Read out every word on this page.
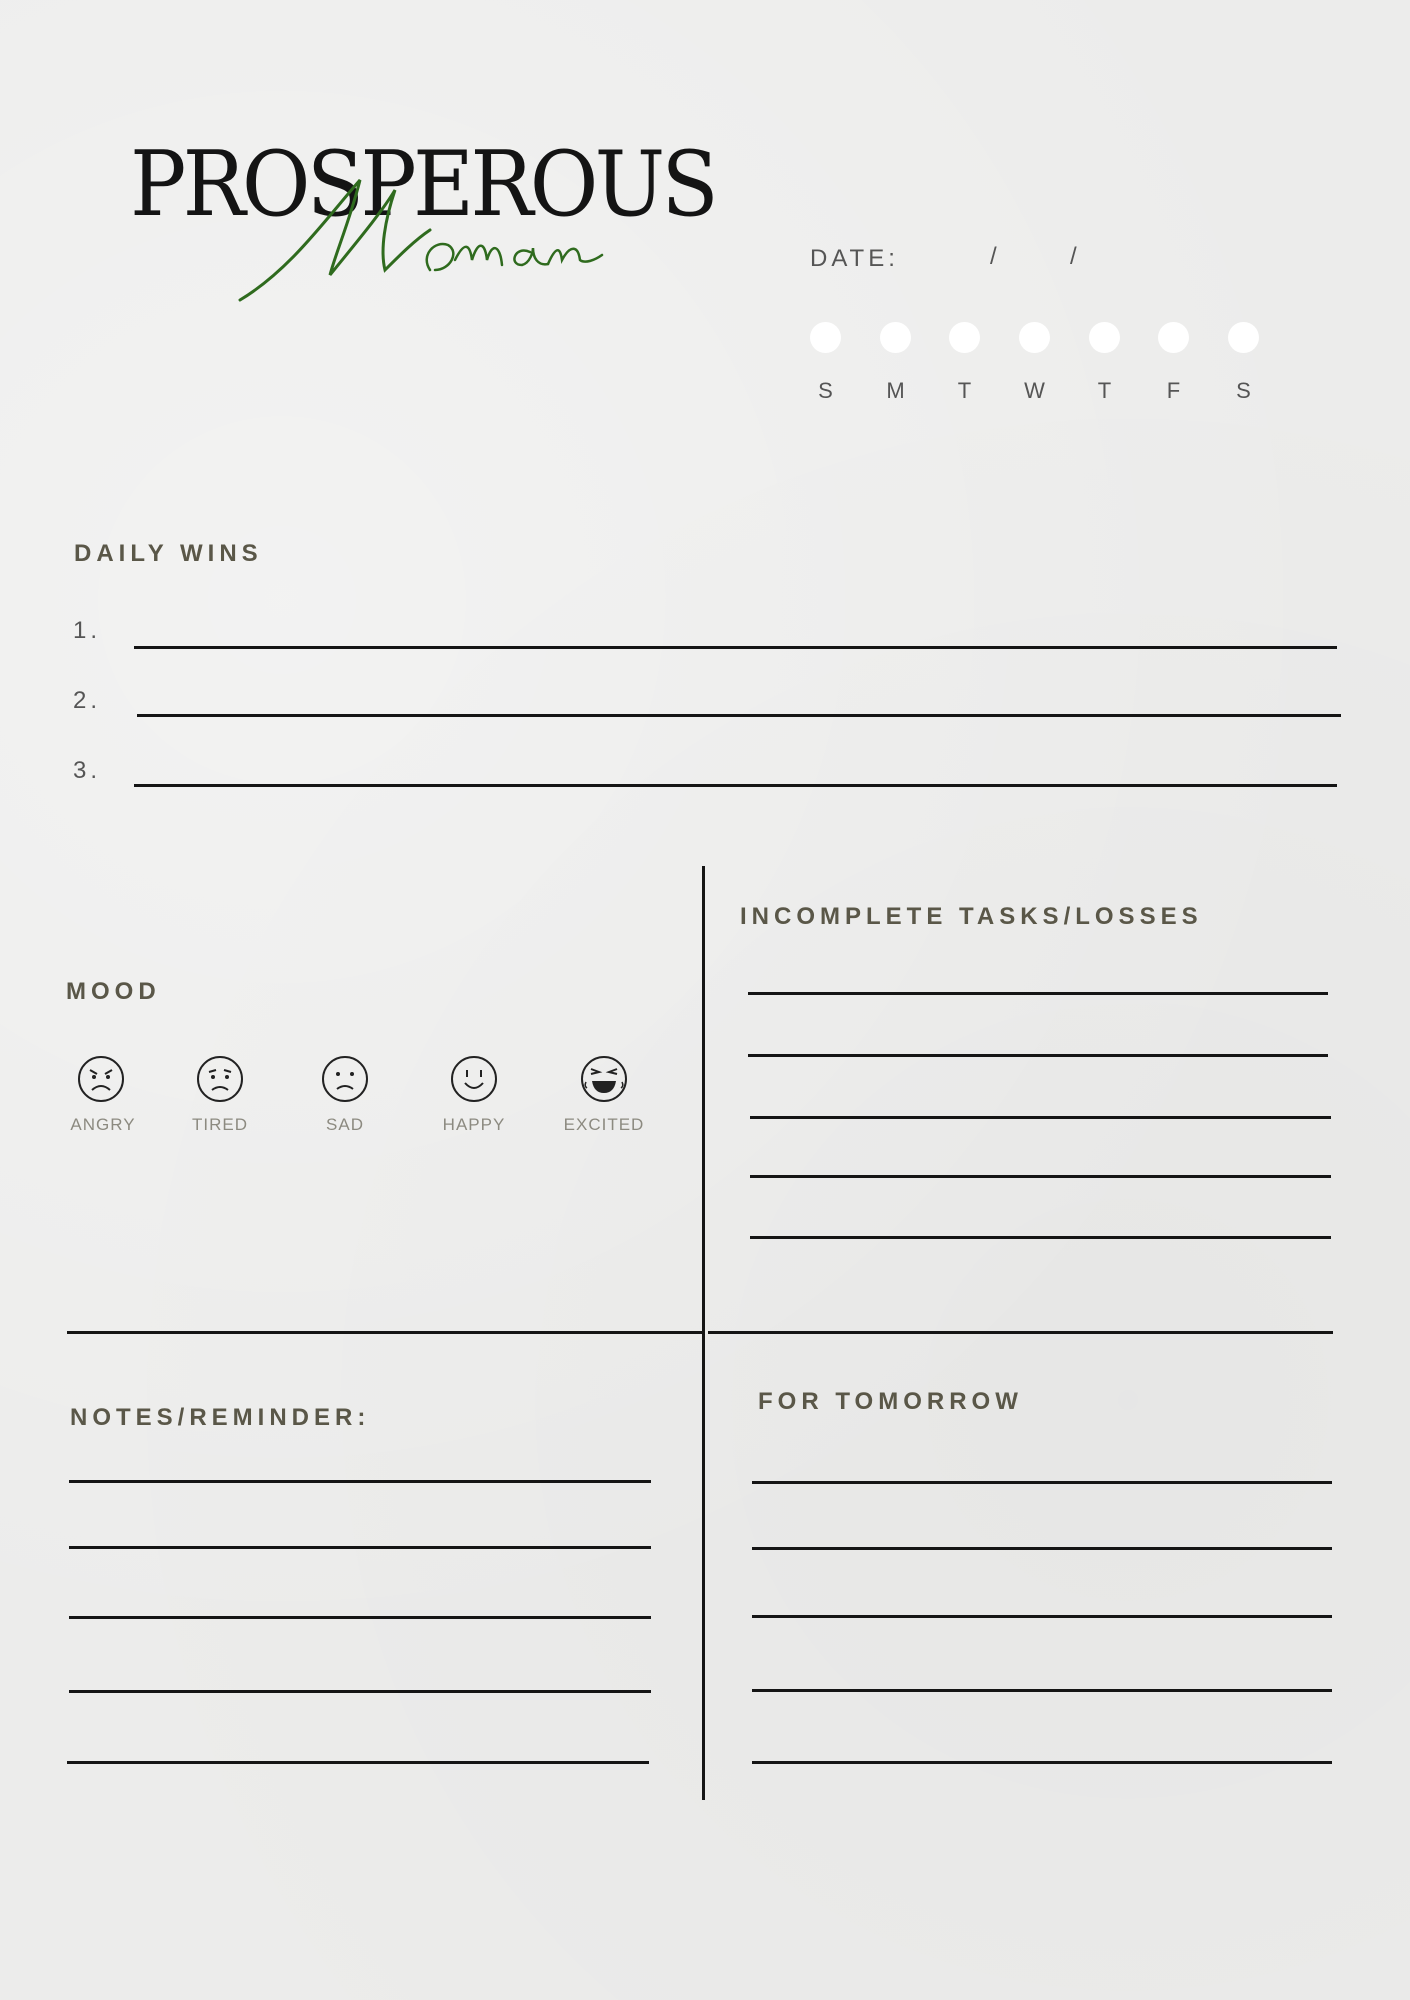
PROSPEROUS
DATE:	/	/
S	M	T	W	T	F	S
DAILY WINS
1.
2.
3.
MOOD
ANGRY	TIRED	SAD	HAPPY	EXCITED
INCOMPLETE TASKS/LOSSES
NOTES/REMINDER:
FOR TOMORROW
